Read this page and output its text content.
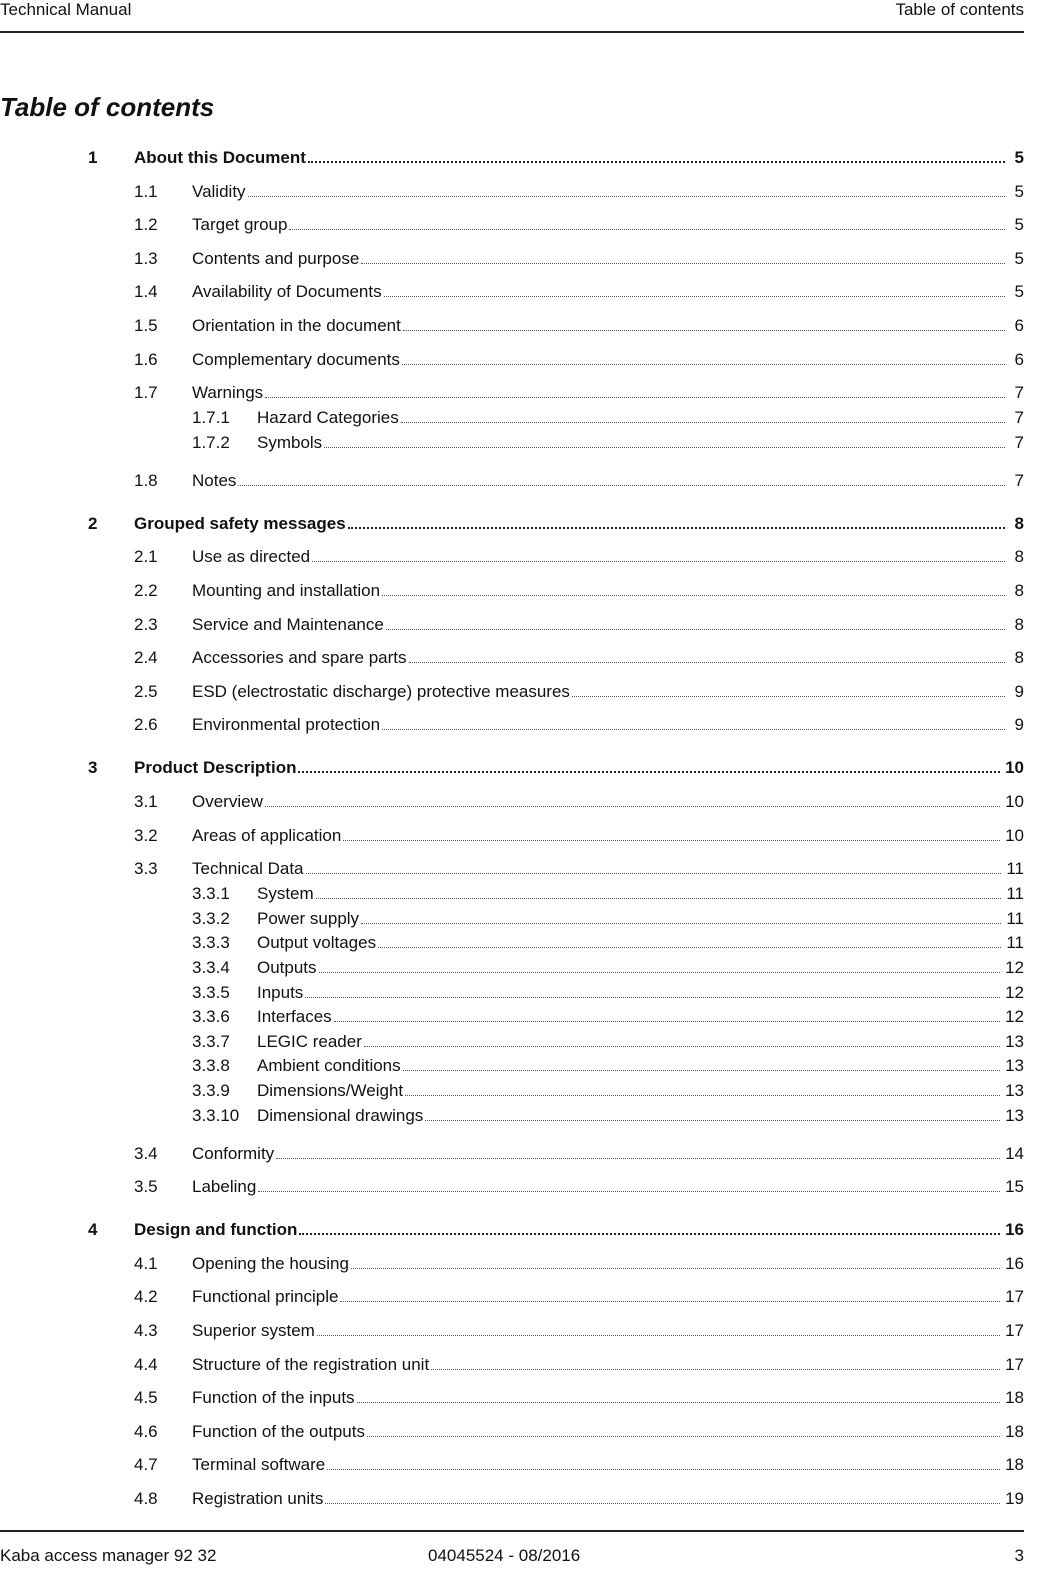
Technical Manual	Table of contents
Table of contents
1 About this Document	5
1.1 Validity	5
1.2 Target group	5
1.3 Contents and purpose	5
1.4 Availability of Documents	5
1.5 Orientation in the document	6
1.6 Complementary documents	6
1.7 Warnings	7
1.7.1 Hazard Categories	7
1.7.2 Symbols	7
1.8 Notes	7
2 Grouped safety messages	8
2.1 Use as directed	8
2.2 Mounting and installation	8
2.3 Service and Maintenance	8
2.4 Accessories and spare parts	8
2.5 ESD (electrostatic discharge) protective measures	9
2.6 Environmental protection	9
3 Product Description	10
3.1 Overview	10
3.2 Areas of application	10
3.3 Technical Data	11
3.3.1 System	11
3.3.2 Power supply	11
3.3.3 Output voltages	11
3.3.4 Outputs	12
3.3.5 Inputs	12
3.3.6 Interfaces	12
3.3.7 LEGIC reader	13
3.3.8 Ambient conditions	13
3.3.9 Dimensions/Weight	13
3.3.10 Dimensional drawings	13
3.4 Conformity	14
3.5 Labeling	15
4 Design and function	16
4.1 Opening the housing	16
4.2 Functional principle	17
4.3 Superior system	17
4.4 Structure of the registration unit	17
4.5 Function of the inputs	18
4.6 Function of the outputs	18
4.7 Terminal software	18
4.8 Registration units	19
Kaba access manager 92 32	04045524 - 08/2016	3
